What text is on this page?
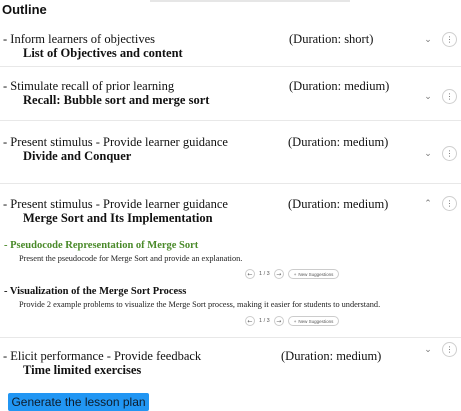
Outline
- Inform learners of objectives	(Duration: short)
List of Objectives and content
⌄	⋮
- Stimulate recall of prior learning	(Duration: medium)
Recall: Bubble sort and merge sort	⌄	⋮
- Present stimulus - Provide learner guidance	(Duration: medium)
Divide and Conquer	⌄	⋮
- Present stimulus - Provide learner guidance	(Duration: medium)
Merge Sort and Its Implementation
⌃	⋮
- Pseudocode Representation of Merge Sort
Present the pseudocode for Merge Sort and provide an explanation.
←	1 / 3	→	+ New Suggestions
- Visualization of the Merge Sort Process
Provide 2 example problems to visualize the Merge Sort process, making it easier for students to understand.
←	1 / 3	→	+ New Suggestions
- Elicit performance - Provide feedback	(Duration: medium)
Time limited exercises
⌄	⋮
Generate the lesson plan
